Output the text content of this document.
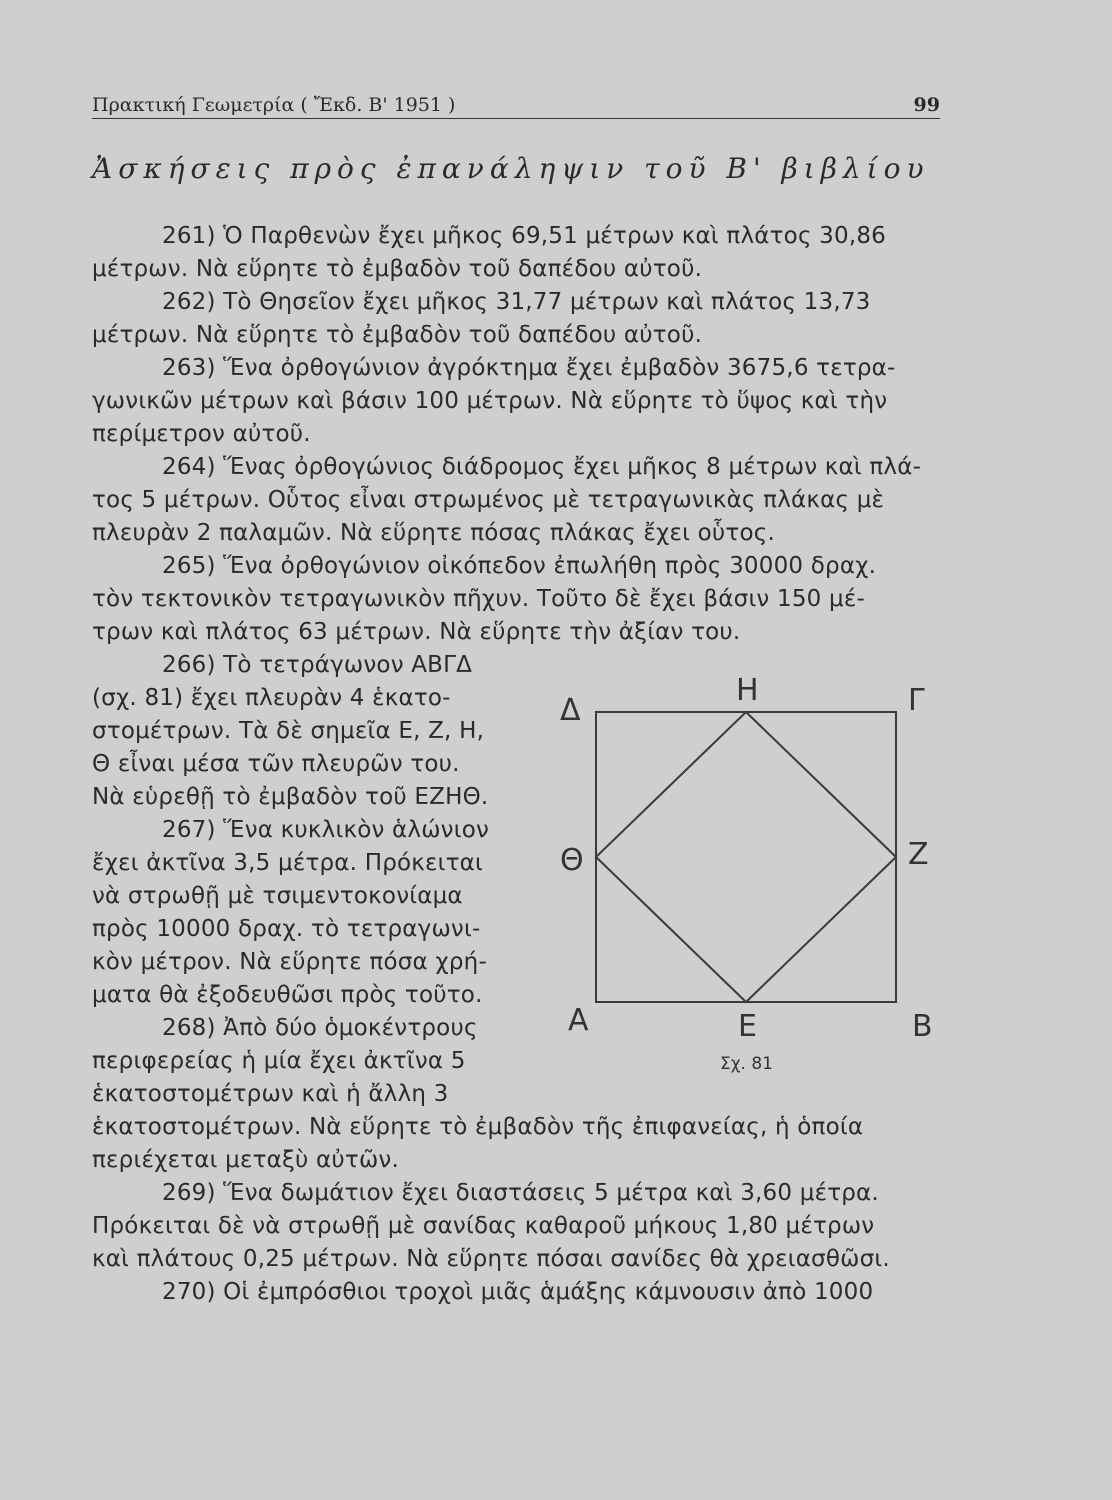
Πρακτική Γεωμετρία ( Ἔκδ. Β' 1951 )	99
Ἀσκήσεις πρὸς ἐπανάληψιν τοῦ Β' βιβλίου
261) Ὁ Παρθενὼν ἔχει μῆκος 69,51 μέτρων καὶ πλάτος 30,86
μέτρων. Νὰ εὕρητε τὸ ἐμβαδὸν τοῦ δαπέδου αὐτοῦ.
262) Τὸ Θησεῖον ἔχει μῆκος 31,77 μέτρων καὶ πλάτος 13,73
μέτρων. Νὰ εὕρητε τὸ ἐμβαδὸν τοῦ δαπέδου αὐτοῦ.
263) Ἕνα ὀρθογώνιον ἀγρόκτημα ἔχει ἐμβαδὸν 3675,6 τετρα-
γωνικῶν μέτρων καὶ βάσιν 100 μέτρων. Νὰ εὕρητε τὸ ὕψος καὶ τὴν
περίμετρον αὐτοῦ.
264) Ἕνας ὀρθογώνιος διάδρομος ἔχει μῆκος 8 μέτρων καὶ πλά-
τος 5 μέτρων. Οὗτος εἶναι στρωμένος μὲ τετραγωνικὰς πλάκας μὲ
πλευρὰν 2 παλαμῶν. Νὰ εὕρητε πόσας πλάκας ἔχει οὗτος.
265) Ἕνα ὀρθογώνιον οἰκόπεδον ἐπωλήθη πρὸς 30000 δραχ.
τὸν τεκτονικὸν τετραγωνικὸν πῆχυν. Τοῦτο δὲ ἔχει βάσιν 150 μέ-
τρων καὶ πλάτος 63 μέτρων. Νὰ εὕρητε τὴν ἀξίαν του.
266) Τὸ τετράγωνον ΑΒΓΔ
(σχ. 81) ἔχει πλευρὰν 4 ἑκατο-
στομέτρων. Τὰ δὲ σημεῖα Ε, Ζ, Η,
Θ εἶναι μέσα τῶν πλευρῶν του.
Νὰ εὑρεθῇ τὸ ἐμβαδὸν τοῦ ΕΖΗΘ.
267) Ἕνα κυκλικὸν ἁλώνιον
ἔχει ἀκτῖνα 3,5 μέτρα. Πρόκειται
νὰ στρωθῇ μὲ τσιμεντοκονίαμα
πρὸς 10000 δραχ. τὸ τετραγωνι-
κὸν μέτρον. Νὰ εὕρητε πόσα χρή-
ματα θὰ ἐξοδευθῶσι πρὸς τοῦτο.
268) Ἀπὸ δύο ὁμοκέντρους
περιφερείας ἡ μία ἔχει ἀκτῖνα 5
ἑκατοστομέτρων καὶ ἡ ἄλλη 3
ἑκατοστομέτρων. Νὰ εὕρητε τὸ ἐμβαδὸν τῆς ἐπιφανείας, ἡ ὁποία
περιέχεται μεταξὺ αὐτῶν.
269) Ἕνα δωμάτιον ἔχει διαστάσεις 5 μέτρα καὶ 3,60 μέτρα.
Πρόκειται δὲ νὰ στρωθῇ μὲ σανίδας καθαροῦ μήκους 1,80 μέτρων
καὶ πλάτους 0,25 μέτρων. Νὰ εὕρητε πόσαι σανίδες θὰ χρειασθῶσι.
270) Οἱ ἐμπρόσθιοι τροχοὶ μιᾶς ἁμάξης κάμνουσιν ἀπὸ 1000
Δ
Η	Γ
Θ	Ζ
Α	Ε	Β
Σχ. 81
